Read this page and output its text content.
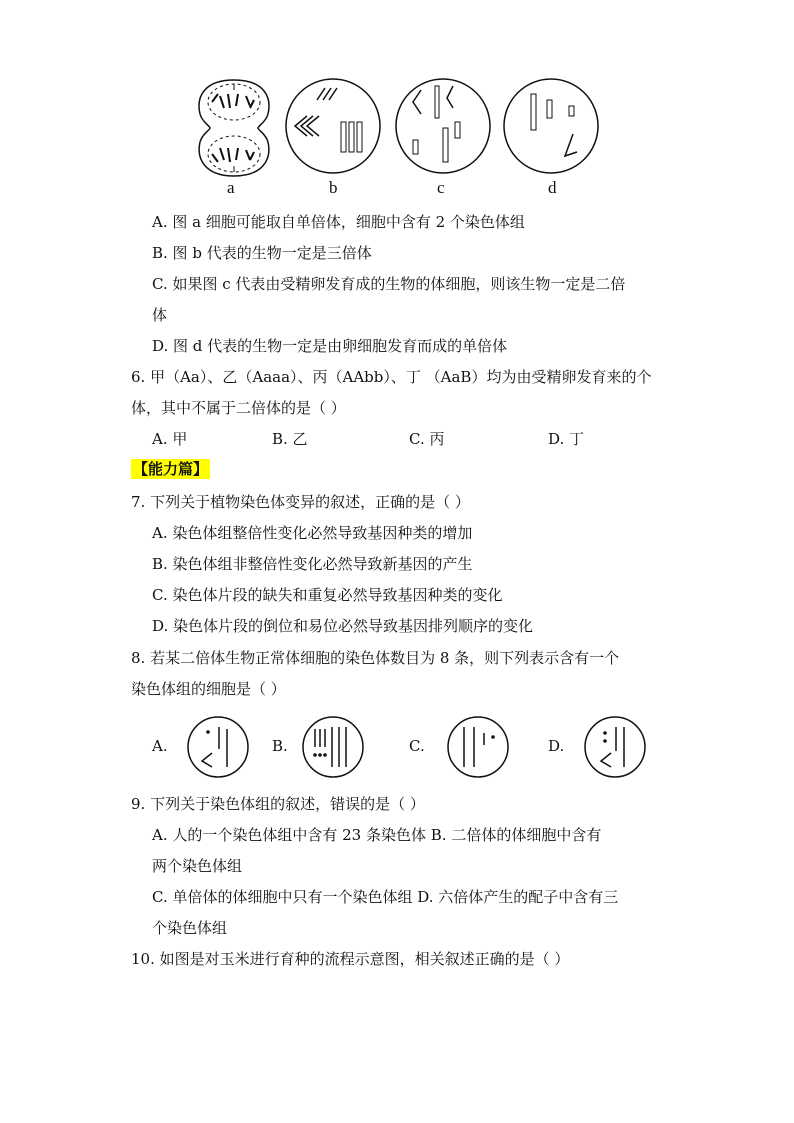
a	b	c	d
A. 图 a 细胞可能取自单倍体，细胞中含有 2 个染色体组
B. 图 b 代表的生物一定是三倍体
C. 如果图 c 代表由受精卵发育成的生物的体细胞，则该生物一定是二倍
体
D. 图 d 代表的生物一定是由卵细胞发育而成的单倍体
6. 甲（Aa）、乙（Aaaa）、丙（AAbb）、丁 （AaB）均为由受精卵发育来的个
体，其中不属于二倍体的是（ ）
A. 甲	B. 乙	C. 丙	D. 丁
【能力篇】
7. 下列关于植物染色体变异的叙述，正确的是（ ）
A. 染色体组整倍性变化必然导致基因种类的增加
B. 染色体组非整倍性变化必然导致新基因的产生
C. 染色体片段的缺失和重复必然导致基因种类的变化
D. 染色体片段的倒位和易位必然导致基因排列顺序的变化
8. 若某二倍体生物正常体细胞的染色体数目为 8 条，则下列表示含有一个
染色体组的细胞是（ ）
A.	B.	C.	D.
9. 下列关于染色体组的叙述，错误的是（ ）
A. 人的一个染色体组中含有 23 条染色体 B. 二倍体的体细胞中含有
两个染色体组
C. 单倍体的体细胞中只有一个染色体组 D. 六倍体产生的配子中含有三
个染色体组
10. 如图是对玉米进行育种的流程示意图，相关叙述正确的是（ ）
